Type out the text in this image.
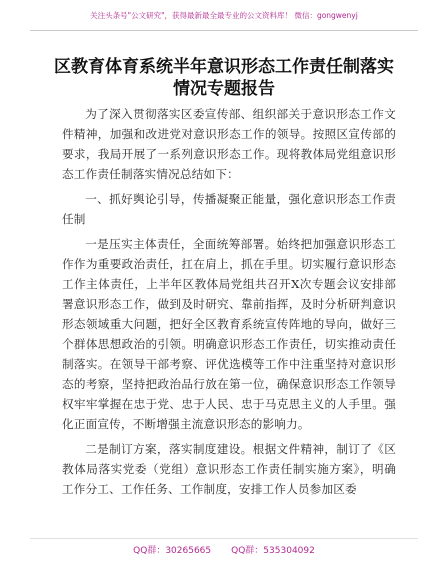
关注头条号"公文研究"，获得最新最全最专业的公文资料库！ 微信：gongwenyj
区教育体育系统半年意识形态工作责任制落实
情况专题报告

为了深入贯彻落实区委宣传部、组织部关于意识形态工作文件精神，加强和改进党对意识形态工作的领导。按照区宣传部的要求，我局开展了一系列意识形态工作。现将教体局党组意识形态工作责任制落实情况总结如下：

一、抓好舆论引导，传播凝聚正能量，强化意识形态工作责任制

一是压实主体责任，全面统筹部署。始终把加强意识形态工作作为重要政治责任，扛在肩上，抓在手里。切实履行意识形态工作主体责任，上半年区教体局党组共召开Ⅹ次专题会议安排部署意识形态工作，做到及时研究、靠前指挥，及时分析研判意识形态领域重大问题，把好全区教育系统宣传阵地的导向，做好三个群体思想政治的引领。明确意识形态工作责任，切实推动责任制落实。在领导干部考察、评优选模等工作中注重坚持对意识形态的考察，坚持把政治品行放在第一位，确保意识形态工作领导权牢牢掌握在忠于党、忠于人民、忠于马克思主义的人手里。强化正面宣传，不断增强主流意识形态的影响力。

二是制订方案，落实制度建设。根据文件精神，制订了《区教体局落实党委（党组）意识形态工作责任制实施方案》，明确工作分工、工作任务、工作制度，安排工作人员参加区委

QQ群：30265665 QQ群：535304092
